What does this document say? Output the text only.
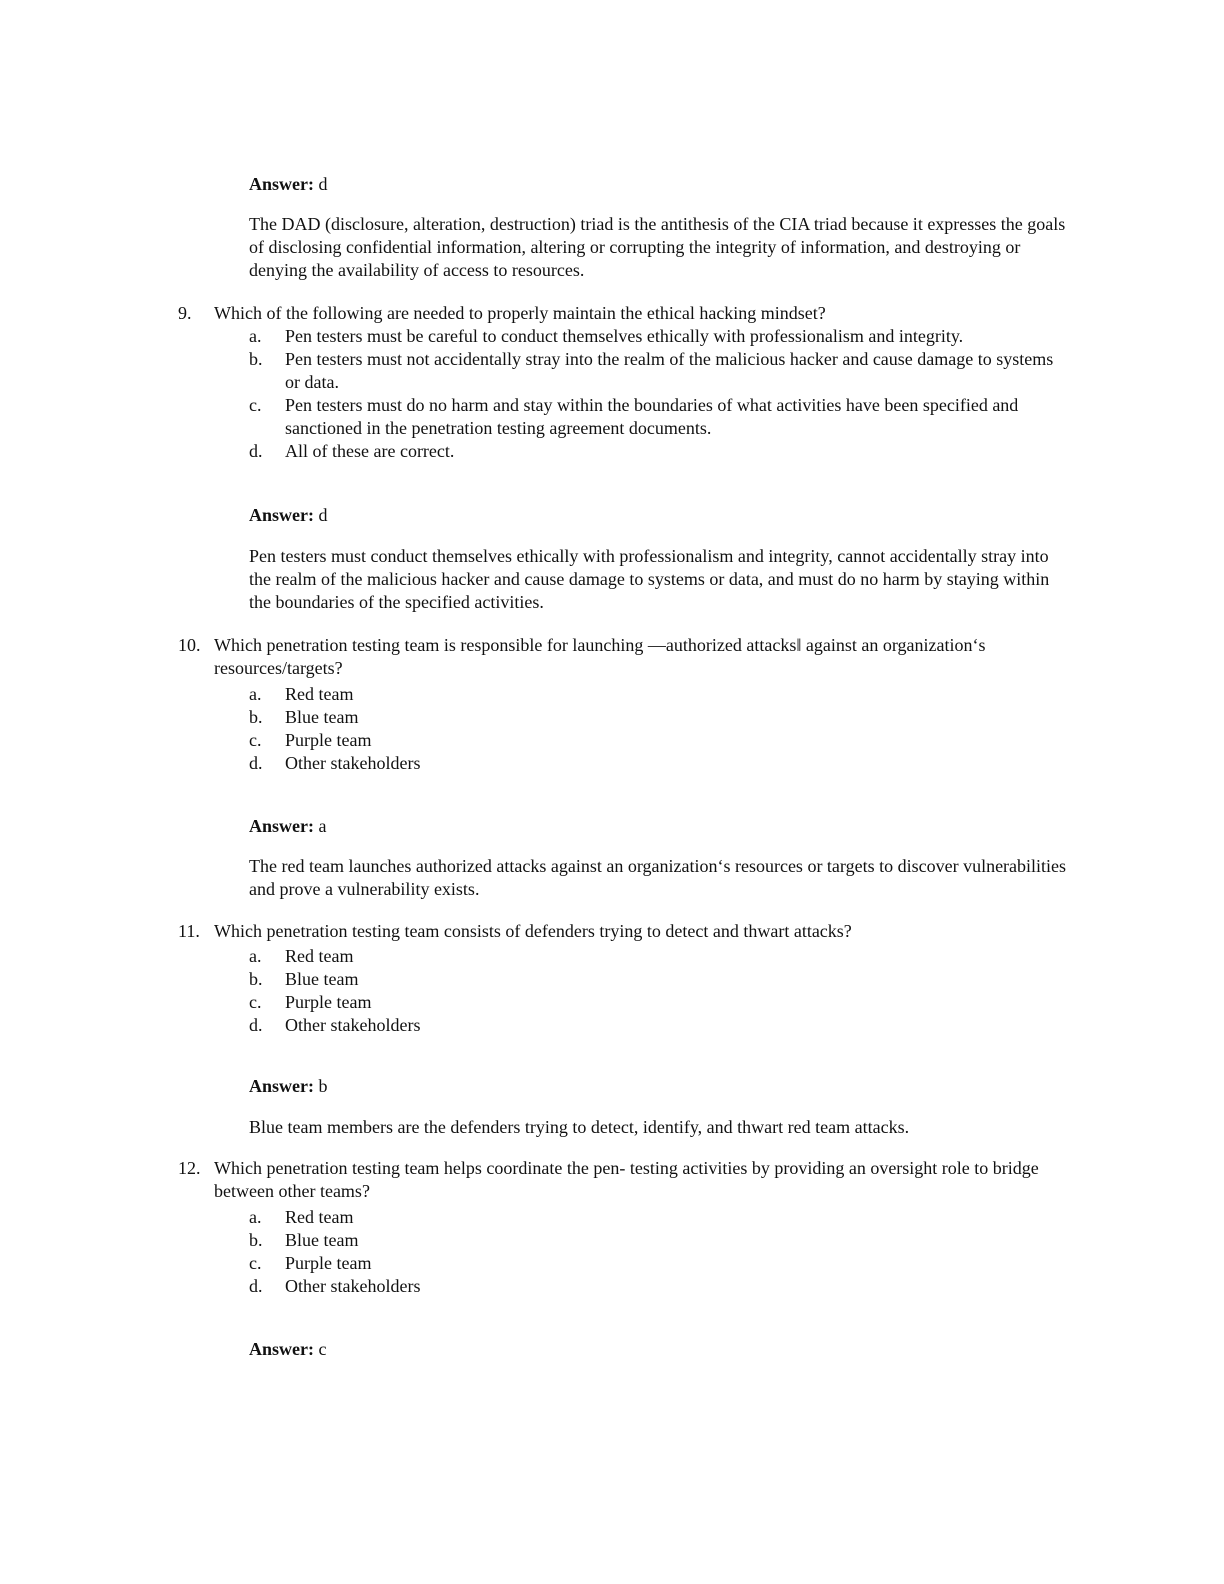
Answer: d

The DAD (disclosure, alteration, destruction) triad is the antithesis of the CIA triad because it expresses the goals of disclosing confidential information, altering or corrupting the integrity of information, and destroying or denying the availability of access to resources.

9. Which of the following are needed to properly maintain the ethical hacking mindset?
a. Pen testers must be careful to conduct themselves ethically with professionalism and integrity.
b. Pen testers must not accidentally stray into the realm of the malicious hacker and cause damage to systems or data.
c. Pen testers must do no harm and stay within the boundaries of what activities have been specified and sanctioned in the penetration testing agreement documents.
d. All of these are correct.
Answer: d

Pen testers must conduct themselves ethically with professionalism and integrity, cannot accidentally stray into the realm of the malicious hacker and cause damage to systems or data, and must do no harm by staying within the boundaries of the specified activities.

10. Which penetration testing team is responsible for launching ―authorized attacks‖ against an organization‘s resources/targets?
a. Red team
b. Blue team
c. Purple team
d. Other stakeholders
Answer: a

The red team launches authorized attacks against an organization‘s resources or targets to discover vulnerabilities and prove a vulnerability exists.

11. Which penetration testing team consists of defenders trying to detect and thwart attacks?
a. Red team
b. Blue team
c. Purple team
d. Other stakeholders
Answer: b

Blue team members are the defenders trying to detect, identify, and thwart red team attacks.

12. Which penetration testing team helps coordinate the pen- testing activities by providing an oversight role to bridge between other teams?
a. Red team
b. Blue team
c. Purple team
d. Other stakeholders
Answer: c
